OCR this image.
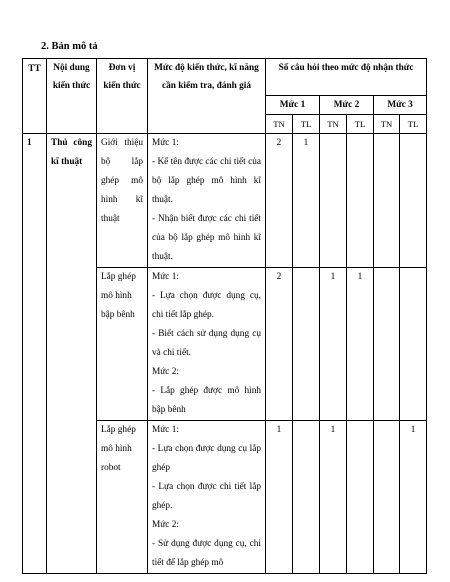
2. Bản mô tả
TT	Nội dung kiến thức	Đơn vị kiến thức	Mức độ kiến thức, kĩ năng cần kiểm tra, đánh giá	Số câu hỏi theo mức độ nhận thức					
				Mức 1		Mức 2		Mức 3	
				TN	TL	TN	TL	TN	TL
1	Thủ công kĩ thuật	Giới thiệu bộ lắp ghép mô hình kĩ thuật	Mức 1:
- Kể tên được các chi tiết của bộ lắp ghép mô hình kĩ thuật.
- Nhận biết được các chi tiết của bộ lắp ghép mô hình kĩ thuật.	2	1				
		Lắp ghép mô hình bập bênh	Mức 1:
- Lựa chọn được dụng cụ, chi tiết lắp ghép.
- Biết cách sử dụng dụng cụ và chi tiết.
Mức 2:
- Lắp ghép được mô hình bập bênh	2		1	1		
		Lắp ghép mô hình robot	Mức 1:
- Lựa chọn được dụng cụ lắp ghép
- Lựa chọn được chi tiết lắp ghép.
Mức 2:
- Sử dụng được dụng cụ, chi tiết để lắp ghép mô	1		1			1
